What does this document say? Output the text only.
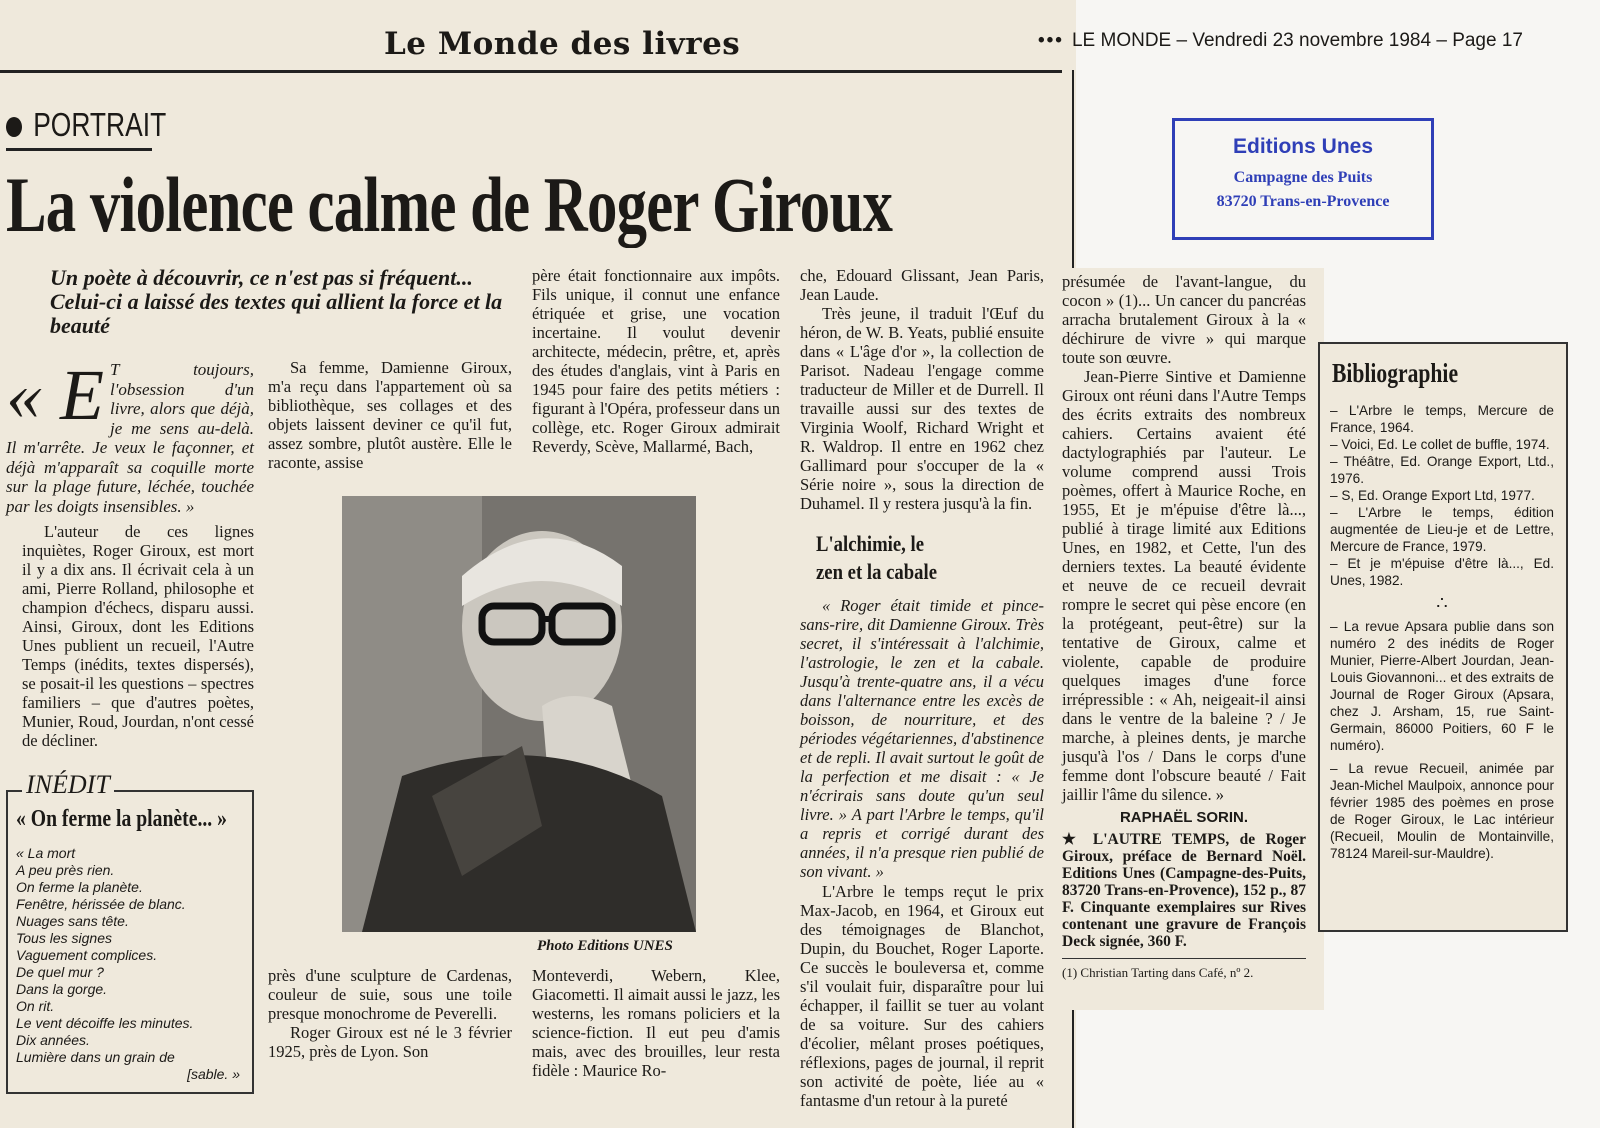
Le Monde des livres	••• LE MONDE – Vendredi 23 novembre 1984 – Page 17
PORTRAIT
La violence calme de Roger Giroux
Un poète à découvrir, ce n'est pas si fréquent... Celui-ci a laissé des textes qui allient la force et la beauté
« E T toujours, l'obsession d'un livre, alors que déjà, je me sens au-delà. Il m'arrête. Je veux le façonner, et déjà m'apparaît sa coquille morte sur la plage future, léchée, touchée par les doigts insensibles. »

L'auteur de ces lignes inquiètes, Roger Giroux, est mort il y a dix ans. Il écrivait cela à un ami, Pierre Rolland, philosophe et champion d'échecs, disparu aussi. Ainsi, Giroux, dont les Editions Unes publient un recueil, l'Autre Temps (inédits, textes dispersés), se posait-il les questions – spectres familiers – que d'autres poètes, Munier, Roud, Jourdan, n'ont cessé de décliner.

Sa femme, Damienne Giroux, m'a reçu dans l'appartement où sa bibliothèque, ses collages et des objets laissent deviner ce qu'il fut, assez sombre, plutôt austère. Elle le raconte, assise

Photo Editions UNES

près d'une sculpture de Cardenas, couleur de suie, sous une toile presque monochrome de Peverelli.

Roger Giroux est né le 3 février 1925, près de Lyon. Son

père était fonctionnaire aux impôts. Fils unique, il connut une enfance étriquée et grise, une vocation incertaine. Il voulut devenir architecte, médecin, prêtre, et, après des études d'anglais, vint à Paris en 1945 pour faire des petits métiers : figurant à l'Opéra, professeur dans un collège, etc. Roger Giroux admirait Reverdy, Scève, Mallarmé, Bach,

Monteverdi, Webern, Klee, Giacometti. Il aimait aussi le jazz, les westerns, les romans policiers et la science-fiction. Il eut peu d'amis mais, avec des brouilles, leur resta fidèle : Maurice Ro-

che, Edouard Glissant, Jean Paris, Jean Laude.

Très jeune, il traduit l'Œuf du héron, de W. B. Yeats, publié ensuite dans « L'âge d'or », la collection de Parisot. Nadeau l'engage comme traducteur de Miller et de Durrell. Il travaille aussi sur des textes de Virginia Woolf, Richard Wright et R. Waldrop. Il entre en 1962 chez Gallimard pour s'occuper de la « Série noire », sous la direction de Duhamel. Il y restera jusqu'à la fin.

L'alchimie, le zen et la cabale

« Roger était timide et pince-sans-rire, dit Damienne Giroux. Très secret, il s'intéressait à l'alchimie, l'astrologie, le zen et la cabale. Jusqu'à trente-quatre ans, il a vécu dans l'alternance entre les excès de boisson, de nourriture, et des périodes végétariennes, d'abstinence et de repli. Il avait surtout le goût de la perfection et me disait : « Je n'écrirais sans doute qu'un seul livre. » A part l'Arbre le temps, qu'il a repris et corrigé durant des années, il n'a presque rien publié de son vivant. »

L'Arbre le temps reçut le prix Max-Jacob, en 1964, et Giroux eut des témoignages de Blanchot, Dupin, du Bouchet, Roger Laporte. Ce succès le bouleversa et, comme s'il voulait fuir, disparaître pour lui échapper, il faillit se tuer au volant de sa voiture. Sur des cahiers d'écolier, mêlant proses poétiques, réflexions, pages de journal, il reprit son activité de poète, liée au « fantasme d'un retour à la pureté

Editions Unes
Campagne des Puits
83720 Trans-en-Provence

présumée de l'avant-langue, du cocon » (1)... Un cancer du pancréas arracha brutalement Giroux à la « déchirure de vivre » qui marque toute son œuvre.

Jean-Pierre Sintive et Damienne Giroux ont réuni dans l'Autre Temps des écrits extraits des nombreux cahiers. Certains avaient été dactylographiés par l'auteur. Le volume comprend aussi Trois poèmes, offert à Maurice Roche, en 1955, Et je m'épuise d'être là..., publié à tirage limité aux Editions Unes, en 1982, et Cette, l'un des derniers textes. La beauté évidente et neuve de ce recueil devrait rompre le secret qui pèse encore (en la protégeant, peut-être) sur la tentative de Giroux, calme et violente, capable de produire quelques images d'une force irrépressible : « Ah, neigeait-il ainsi dans le ventre de la baleine ? / Je marche, à pleines dents, je marche jusqu'à l'os / Dans le corps d'une femme dont l'obscure beauté / Fait jaillir l'âme du silence. »

RAPHAËL SORIN.
★ L'AUTRE TEMPS, de Roger Giroux, préface de Bernard Noël. Editions Unes (Campagne-des-Puits, 83720 Trans-en-Provence), 152 p., 87 F. Cinquante exemplaires sur Rives contenant une gravure de François Deck signée, 360 F.
(1) Christian Tarting dans Café, nº 2.
Bibliographie

– L'Arbre le temps, Mercure de France, 1964.

– Voici, Ed. Le collet de buffle, 1974.

– Théâtre, Ed. Orange Export, Ltd., 1976.

– S, Ed. Orange Export Ltd, 1977.

– L'Arbre le temps, édition augmentée de Lieu-je et de Lettre, Mercure de France, 1979.

– Et je m'épuise d'être là..., Ed. Unes, 1982.

∴

– La revue Apsara publie dans son numéro 2 des inédits de Roger Munier, Pierre-Albert Jourdan, Jean-Louis Giovannoni... et des extraits de Journal de Roger Giroux (Apsara, chez J. Arsham, 15, rue Saint-Germain, 86000 Poitiers, 60 F le numéro).

– La revue Recueil, animée par Jean-Michel Maulpoix, annonce pour février 1985 des poèmes en prose de Roger Giroux, le Lac intérieur (Recueil, Moulin de Montainville, 78124 Mareil-sur-Mauldre).

INÉDIT
« On ferme la planète... »
« La mort
A peu près rien.
On ferme la planète.
Fenêtre, hérissée de blanc.
Nuages sans tête.
Tous les signes
Vaguement complices.
De quel mur ?
Dans la gorge.
On rit.
Le vent décoiffe les minutes.
Dix années.
Lumière dans un grain de
[sable. »
